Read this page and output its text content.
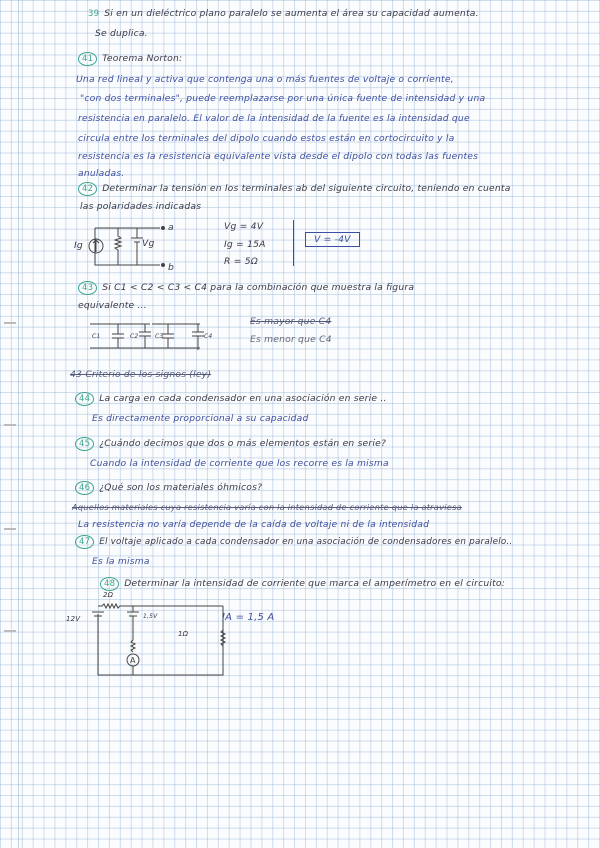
39 Si en un dieléctrico plano paralelo se aumenta el área su capacidad aumenta.
Se duplica.
41 Teorema Norton:
Una red lineal y activa que contenga una o más fuentes de voltaje o corriente,
"con dos terminales", puede reemplazarse por una única fuente de intensidad y una
resistencia en paralelo. El valor de la intensidad de la fuente es la intensidad que
circula entre los terminales del dipolo cuando estos están en cortocircuito y la
resistencia es la resistencia equivalente vista desde el dipolo con todas las fuentes
anuladas.
42 Determinar la tensión en los terminales ab del siguiente circuito, teniendo en cuenta
las polaridades indicadas
a
b
Ig	Vg
Vg = 4V
Ig = 15A
R = 5Ω
V = -4V
43 Si C1 < C2 < C3 < C4 para la combinación que muestra la figura
equivalente ...
C1	C2	C3	C4
Es mayor que C4
Es menor que C4
43 Criterio de los signos (ley)
44 La carga en cada condensador en una asociación en serie ..
Es directamente proporcional a su capacidad
45 ¿Cuándo decimos que dos o más elementos están en serie?
Cuando la intensidad de corriente que los recorre es la misma
46 ¿Qué son los materiales óhmicos?
Aquellos materiales cuya resistencia varía con la intensidad de corriente que la atraviesa
La resistencia no varía depende de la caída de voltaje ni de la intensidad
47 El voltaje aplicado a cada condensador en una asociación de condensadores en paralelo..
Es la misma
48 Determinar la intensidad de corriente que marca el amperímetro en el circuito:
A
2Ω
12V	1,5V
1Ω
IA = 1,5 A
